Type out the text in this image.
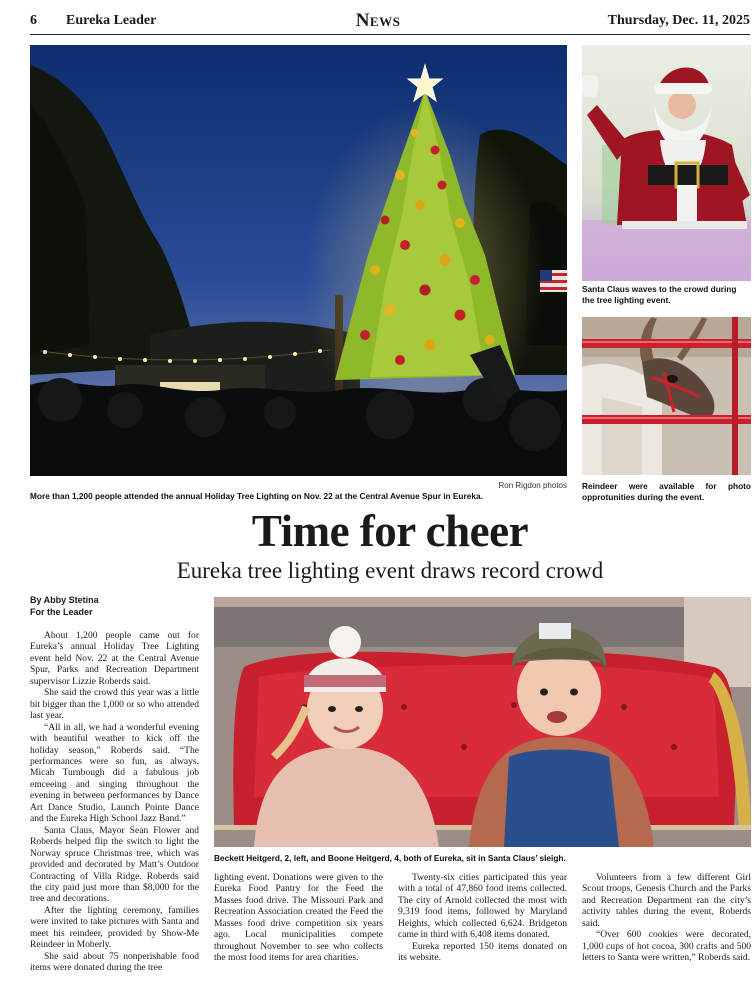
6 Eureka Leader	News	Thursday, Dec. 11, 2025
Ron Rigdon photos
More than 1,200 people attended the annual Holiday Tree Lighting on Nov. 22 at the Central Avenue Spur in Eureka.
Santa Claus waves to the crowd during the tree lighting event.
Reindeer were available for photo opprotunities during the event.
Time for cheer
Eureka tree lighting event draws record crowd
By Abby Stetina
For the Leader
Beckett Heitgerd, 2, left, and Boone Heitgerd, 4, both of Eureka, sit in Santa Claus’ sleigh.

About 1,200 people came out for Eureka’s annual Holiday Tree Lighting event held Nov. 22 at the Central Avenue Spur, Parks and Recreation Department supervisor Lizzie Roberds said.

She said the crowd this year was a little bit bigger than the 1,000 or so who attended last year.

“All in all, we had a wonderful evening with beautiful weather to kick off the holiday season,” Roberds said. “The performances were so fun, as always. Micah Turnbough did a fabulous job emceeing and singing throughout the evening in between performances by Dance Art Dance Studio, Launch Pointe Dance and the Eureka High School Jazz Band.”

Santa Claus, Mayor Sean Flower and Roberds helped flip the switch to light the Norway spruce Christmas tree, which was provided and decorated by Matt’s Outdoor Contracting of Villa Ridge. Roberds said the city paid just more than $8,000 for the tree and decorations.

After the lighting ceremony, families were invited to take pictures with Santa and meet his reindeer, provided by Show-Me Reindeer in Moberly.

She said about 75 nonperishable food items were donated during the tree

lighting event. Donations were given to the Eureka Food Pantry for the Feed the Masses food drive. The Missouri Park and Recreation Association created the Feed the Masses food drive competition six years ago. Local municipalities compete throughout November to see who collects the most food items for area charities.

Twenty-six cities participated this year with a total of 47,860 food items collected. The city of Arnold collected the most with 9,319 food items, followed by Maryland Heights, which collected 6,624. Bridgeton came in third with 6,408 items donated.

Eureka reported 150 items donated on its website.

Volunteers from a few different Girl Scout troops, Genesis Church and the Parks and Recreation Department ran the city’s activity tables during the event, Roberds said.

“Over 600 cookies were decorated, 1,000 cups of hot cocoa, 300 crafts and 500 letters to Santa were written,” Roberds said.
